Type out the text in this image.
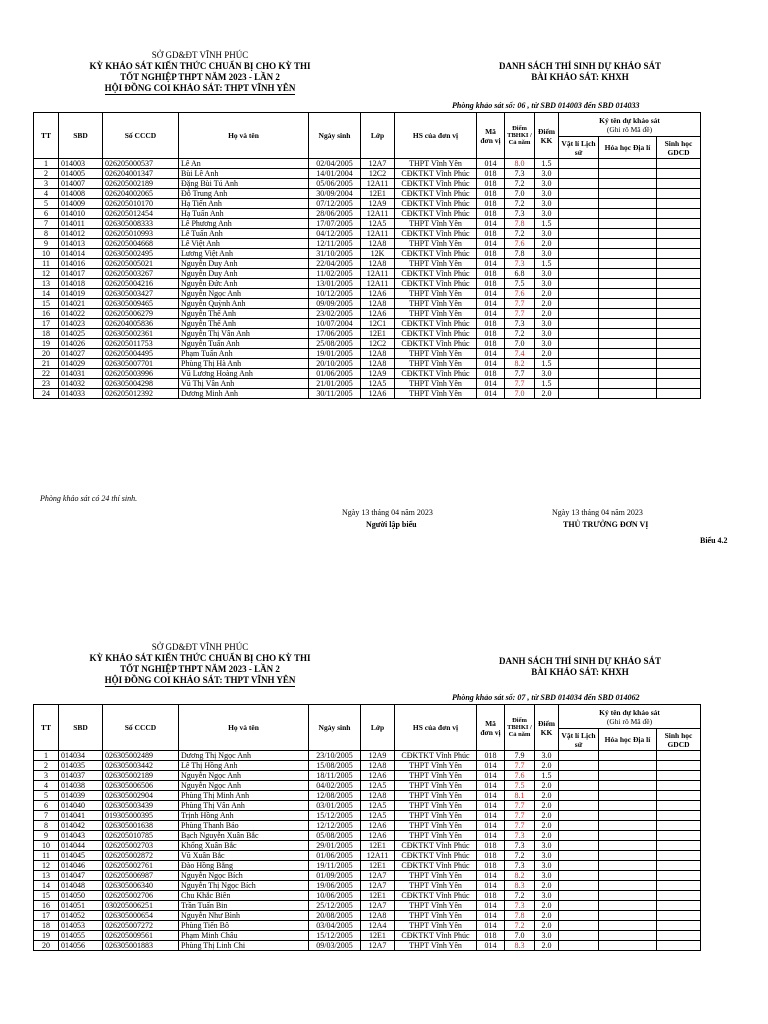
SỞ GD&ĐT VĨNH PHÚC
KỲ KHẢO SÁT KIẾN THỨC CHUẨN BỊ CHO KỲ THI
TỐT NGHIỆP THPT NĂM 2023 - LẦN 2
HỘI ĐỒNG COI KHẢO SÁT: THPT VĨNH YÊN
DANH SÁCH THÍ SINH DỰ KHẢO SÁT
BÀI KHẢO SÁT: KHXH
Phòng khảo sát số: 06 , từ SBD 014003 đến SBD 014033
TT	SBD	Số CCCD	Họ và tên	Ngày sinh	Lớp	HS của đơn vị	Mã đơn vị	Điểm TBHKI / Cả năm	Điểm KK	Ký tên dự khảo sát
(Ghi rõ Mã đề)		

										Vật lí Lịch sử	Hóa học Địa lí	Sinh học GDCD
1	014003	026205000537	Lê An	02/04/2005	12A7	THPT Vĩnh Yên	014	8.0	1.5			
2	014005	026204001347	Bùi Lê Anh	14/01/2004	12C2	CĐKTKT Vĩnh Phúc	018	7.3	3.0			
3	014007	026205002189	Đặng Bùi Tú Anh	05/06/2005	12A11	CĐKTKT Vĩnh Phúc	018	7.2	3.0			
4	014008	026204002065	Đỗ Trung Anh	30/09/2004	12E1	CĐKTKT Vĩnh Phúc	018	7.0	3.0			
5	014009	026205010170	Hạ Tiến Anh	07/12/2005	12A9	CĐKTKT Vĩnh Phúc	018	7.2	3.0			
6	014010	026205012454	Hạ Tuấn Anh	28/06/2005	12A11	CĐKTKT Vĩnh Phúc	018	7.3	3.0			
7	014011	026305008333	Lê Phương Anh	17/07/2005	12A5	THPT Vĩnh Yên	014	7.8	1.5			
8	014012	026205010993	Lê Tuấn Anh	04/12/2005	12A11	CĐKTKT Vĩnh Phúc	018	7.2	3.0			
9	014013	026205004668	Lê Việt Anh	12/11/2005	12A8	THPT Vĩnh Yên	014	7.6	2.0			
10	014014	026305002495	Lương Việt Anh	31/10/2005	12K	CĐKTKT Vĩnh Phúc	018	7.8	3.0			
11	014016	026205005021	Nguyễn Duy Anh	22/04/2005	12A8	THPT Vĩnh Yên	014	7.3	1.5			
12	014017	026205003267	Nguyễn Duy Anh	11/02/2005	12A11	CĐKTKT Vĩnh Phúc	018	6.8	3.0			
13	014018	026205004216	Nguyễn Đức Anh	13/01/2005	12A11	CĐKTKT Vĩnh Phúc	018	7.5	3.0			
14	014019	026305003427	Nguyễn Ngọc Anh	10/12/2005	12A6	THPT Vĩnh Yên	014	7.6	2.0			
15	014021	026305009465	Nguyễn Quỳnh Anh	09/09/2005	12A8	THPT Vĩnh Yên	014	7.7	2.0			
16	014022	026205006279	Nguyễn Thế Anh	23/02/2005	12A6	THPT Vĩnh Yên	014	7.7	2.0			
17	014023	026204005836	Nguyễn Thế Anh	10/07/2004	12C1	CĐKTKT Vĩnh Phúc	018	7.3	3.0			
18	014025	026305002361	Nguyễn Thị Vân Anh	17/06/2005	12E1	CĐKTKT Vĩnh Phúc	018	7.2	3.0			
19	014026	026205011753	Nguyễn Tuấn Anh	25/08/2005	12C2	CĐKTKT Vĩnh Phúc	018	7.0	3.0			
20	014027	026205004495	Phạm Tuấn Anh	19/01/2005	12A8	THPT Vĩnh Yên	014	7.4	2.0			
21	014029	026305007701	Phùng Thị Hà Anh	20/10/2005	12A8	THPT Vĩnh Yên	014	8.2	1.5			
22	014031	026205003996	Vũ Lương Hoàng Anh	01/06/2005	12A9	CĐKTKT Vĩnh Phúc	018	7.7	3.0			
23	014032	026305004298	Vũ Thị Vân Anh	21/01/2005	12A5	THPT Vĩnh Yên	014	7.7	1.5			
24	014033	026205012392	Dương Minh Anh	30/11/2005	12A6	THPT Vĩnh Yên	014	7.0	2.0			
Phòng khảo sát có 24 thí sinh.
Ngày 13 tháng 04 năm 2023
Người lập biểu
Ngày 13 tháng 04 năm 2023
THỦ TRƯỞNG ĐƠN VỊ
Biểu 4.2
SỞ GD&ĐT VĨNH PHÚC
KỲ KHẢO SÁT KIẾN THỨC CHUẨN BỊ CHO KỲ THI
TỐT NGHIỆP THPT NĂM 2023 - LẦN 2
HỘI ĐỒNG COI KHẢO SÁT: THPT VĨNH YÊN
DANH SÁCH THÍ SINH DỰ KHẢO SÁT
BÀI KHẢO SÁT: KHXH
Phòng khảo sát số: 07 , từ SBD 014034 đến SBD 014062
TT	SBD	Số CCCD	Họ và tên	Ngày sinh	Lớp	HS của đơn vị	Mã đơn vị	Điểm TBHKI / Cả năm	Điểm KK	Ký tên dự khảo sát
(Ghi rõ Mã đề)		

										Vật lí Lịch sử	Hóa học Địa lí	Sinh học GDCD
1	014034	026305002489	Dương Thị Ngọc Anh	23/10/2005	12A9	CĐKTKT Vĩnh Phúc	018	7.9	3.0			
2	014035	026305003442	Lê Thị Hồng Anh	15/08/2005	12A8	THPT Vĩnh Yên	014	7.7	2.0			
3	014037	026305002189	Nguyễn Ngọc Anh	18/11/2005	12A6	THPT Vĩnh Yên	014	7.6	1.5			
4	014038	026305006506	Nguyễn Ngọc Anh	04/02/2005	12A5	THPT Vĩnh Yên	014	7.5	2.0			
5	014039	026305002904	Phùng Thị Minh Anh	12/08/2005	12A8	THPT Vĩnh Yên	014	8.1	2.0			
6	014040	026305003439	Phùng Thị Vân Anh	03/01/2005	12A5	THPT Vĩnh Yên	014	7.7	2.0			
7	014041	019305000395	Trịnh Hồng Anh	15/12/2005	12A5	THPT Vĩnh Yên	014	7.7	2.0			
8	014042	026305001638	Phùng Thanh Bảo	12/12/2005	12A6	THPT Vĩnh Yên	014	7.7	2.0			
9	014043	026205010785	Bạch Nguyễn Xuân Bắc	05/08/2005	12A6	THPT Vĩnh Yên	014	7.3	2.0			
10	014044	026205002703	Khổng Xuân Bắc	29/01/2005	12E1	CĐKTKT Vĩnh Phúc	018	7.3	3.0			
11	014045	026205002872	Vũ Xuân Bắc	01/06/2005	12A11	CĐKTKT Vĩnh Phúc	018	7.2	3.0			
12	014046	026205002761	Đào Hồng Bằng	19/11/2005	12E1	CĐKTKT Vĩnh Phúc	018	7.3	3.0			
13	014047	026205006987	Nguyễn Ngọc Bích	01/09/2005	12A7	THPT Vĩnh Yên	014	8.2	3.0			
14	014048	026305006340	Nguyễn Thị Ngọc Bích	19/06/2005	12A7	THPT Vĩnh Yên	014	8.3	2.0			
15	014050	026205002706	Chu Khắc Biên	10/06/2005	12E1	CĐKTKT Vĩnh Phúc	018	7.2	3.0			
16	014051	030205006251	Trần Tuấn Bin	25/12/2005	12A7	THPT Vĩnh Yên	014	7.3	2.0			
17	014052	026305000654	Nguyễn Như Bình	20/08/2005	12A8	THPT Vĩnh Yên	014	7.8	2.0			
18	014053	026205007272	Phùng Tiến Bô	03/04/2005	12A4	THPT Vĩnh Yên	014	7.2	2.0			
19	014055	026205009561	Phạm Minh Châu	15/12/2005	12E1	CĐKTKT Vĩnh Phúc	018	7.0	3.0			
20	014056	026305001883	Phùng Thị Linh Chi	09/03/2005	12A7	THPT Vĩnh Yên	014	8.3	2.0			
